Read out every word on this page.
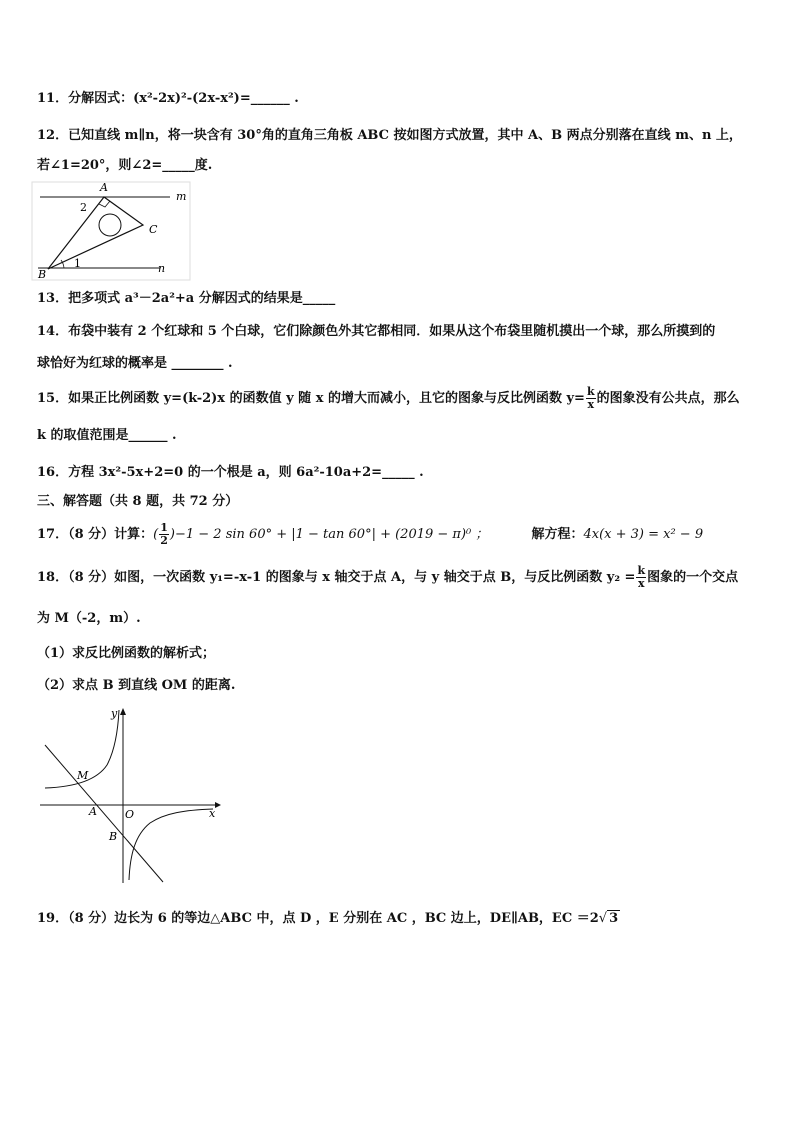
11．分解因式：(x²-2x)²-(2x-x²)=______ .
12．已知直线 m∥n，将一块含有 30°角的直角三角板 ABC 按如图方式放置，其中 A、B 两点分别落在直线 m、n 上，
若∠1=20°，则∠2=_____度.
A
m
2
C
1
B	n
13．把多项式 a³－2a²+a 分解因式的结果是_____
14．布袋中装有 2 个红球和 5 个白球，它们除颜色外其它都相同．如果从这个布袋里随机摸出一个球，那么所摸到的
球恰好为红球的概率是 ________ .
15．如果正比例函数 y=(k-2)x 的函数值 y 随 x 的增大而减小，且它的图象与反比例函数 $y= \frac{k}{x}$ 的图象没有公共点，那么
k 的取值范围是______ .
16．方程 3x²-5x+2=0 的一个根是 a，则 6a²-10a+2=_____ .
三、解答题（共 8 题，共 72 分）
17．（8 分）计算：( $\frac{1}{2} )-1 - 2$ sin 60° + |1 − tan 60°| + (2019 − π)⁰ ；	解方程：4x(x + 3) = x² − 9
18．（8 分）如图，一次函数 y₁=-x-1 的图象与 x 轴交于点 A，与 y 轴交于点 B，与反比例函数 $y_2 = \frac{k}{x}$ 图象的一个交点
为 M（-2，m）.
（1）求反比例函数的解析式；
（2）求点 B 到直线 OM 的距离.
y
x
M
A	O
B
19．（8 分）边长为 6 的等边△ABC 中，点 D ，E 分别在 AC ，BC 边上，DE∥AB，EC ＝2√ 3
